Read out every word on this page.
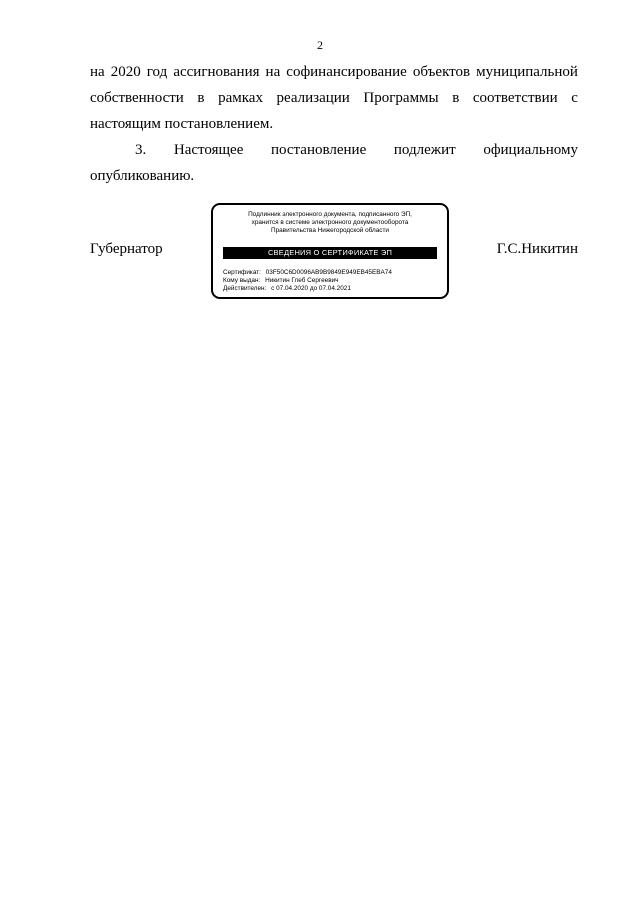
2
на 2020 год ассигнования на софинансирование объектов муниципальной
собственности в рамках реализации Программы в соответствии с
настоящим постановлением.
3. Настоящее постановление подлежит официальному
опубликованию.
Губернатор	Г.С.Никитин
Подлинник электронного документа, подписанного ЭП,
хранится в системе электронного документооборота
Правительства Нижегородской области
СВЕДЕНИЯ О СЕРТИФИКАТЕ ЭП
Сертификат: 03F50C6D0096AB9B9849E949EB45EBA74
Кому выдан: Никитин Глеб Сергеевич
Действителен: с 07.04.2020 до 07.04.2021
